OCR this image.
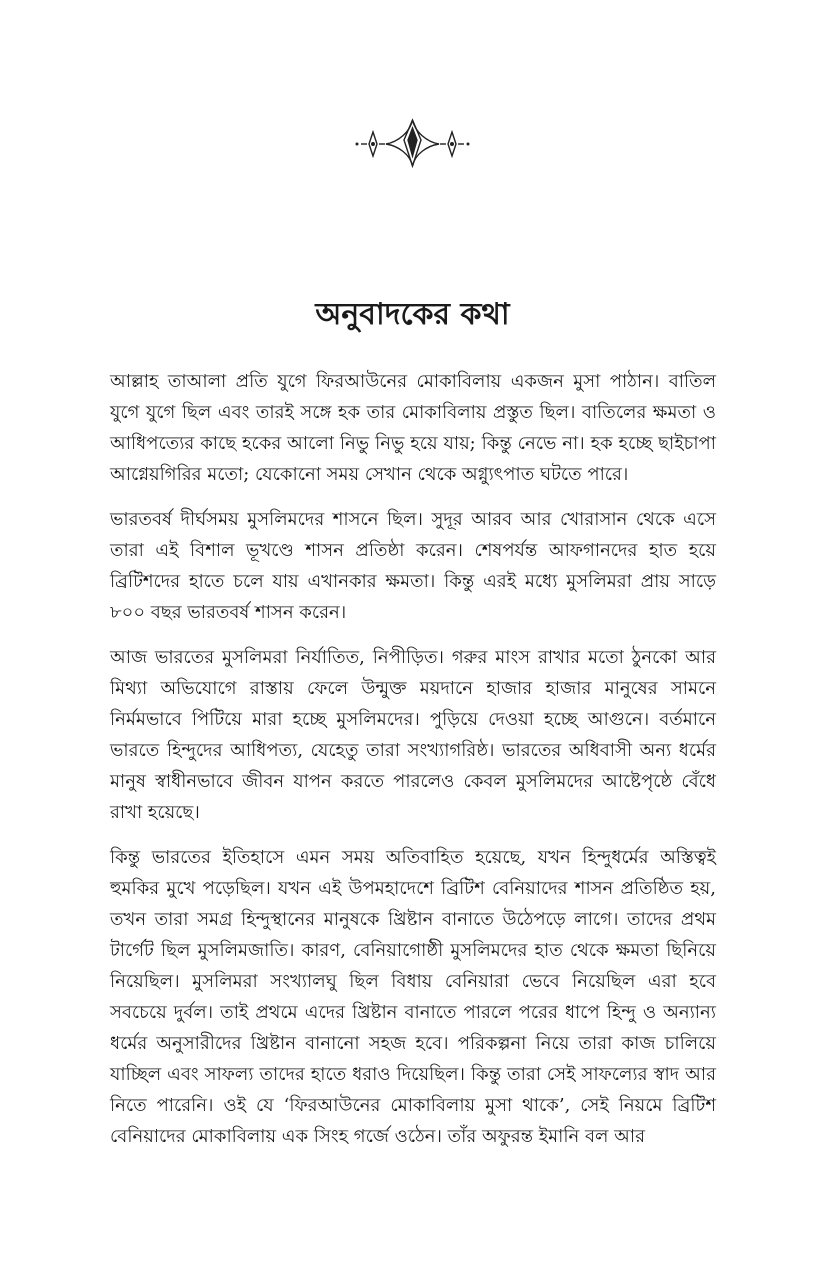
অনুবাদকের কথা

আল্লাহ তাআলা প্রতি যুগে ফিরআউনের মোকাবিলায় একজন মুসা পাঠান। বাতিল যুগে যুগে ছিল এবং তারই সঙ্গে হক তার মোকাবিলায় প্রস্তুত ছিল। বাতিলের ক্ষমতা ও আধিপত্যের কাছে হকের আলো নিভু নিভু হয়ে যায়; কিন্তু নেভে না। হক হচ্ছে ছাইচাপা আগ্নেয়গিরির মতো; যেকোনো সময় সেখান থেকে অগ্ন্যুৎপাত ঘটতে পারে।

ভারতবর্ষ দীর্ঘসময় মুসলিমদের শাসনে ছিল। সুদূর আরব আর খোরাসান থেকে এসে তারা এই বিশাল ভূখণ্ডে শাসন প্রতিষ্ঠা করেন। শেষপর্যন্ত আফগানদের হাত হয়ে ব্রিটিশদের হাতে চলে যায় এখানকার ক্ষমতা। কিন্তু এরই মধ্যে মুসলিমরা প্রায় সাড়ে ৮০০ বছর ভারতবর্ষ শাসন করেন।

আজ ভারতের মুসলিমরা নির্যাতিত, নিপীড়িত। গরুর মাংস রাখার মতো ঠুনকো আর মিথ্যা অভিযোগে রাস্তায় ফেলে উন্মুক্ত ময়দানে হাজার হাজার মানুষের সামনে নির্মমভাবে পিটিয়ে মারা হচ্ছে মুসলিমদের। পুড়িয়ে দেওয়া হচ্ছে আগুনে। বর্তমানে ভারতে হিন্দুদের আধিপত্য, যেহেতু তারা সংখ্যাগরিষ্ঠ। ভারতের অধিবাসী অন্য ধর্মের মানুষ স্বাধীনভাবে জীবন যাপন করতে পারলেও কেবল মুসলিমদের আষ্টেপৃষ্ঠে বেঁধে রাখা হয়েছে।

কিন্তু ভারতের ইতিহাসে এমন সময় অতিবাহিত হয়েছে, যখন হিন্দুধর্মের অস্তিত্বই হুমকির মুখে পড়েছিল। যখন এই উপমহাদেশে ব্রিটিশ বেনিয়াদের শাসন প্রতিষ্ঠিত হয়, তখন তারা সমগ্র হিন্দুস্থানের মানুষকে খ্রিষ্টান বানাতে উঠেপড়ে লাগে। তাদের প্রথম টার্গেট ছিল মুসলিমজাতি। কারণ, বেনিয়াগোষ্ঠী মুসলিমদের হাত থেকে ক্ষমতা ছিনিয়ে নিয়েছিল। মুসলিমরা সংখ্যালঘু ছিল বিধায় বেনিয়ারা ভেবে নিয়েছিল এরা হবে সবচেয়ে দুর্বল। তাই প্রথমে এদের খ্রিষ্টান বানাতে পারলে পরের ধাপে হিন্দু ও অন্যান্য ধর্মের অনুসারীদের খ্রিষ্টান বানানো সহজ হবে। পরিকল্পনা নিয়ে তারা কাজ চালিয়ে যাচ্ছিল এবং সাফল্য তাদের হাতে ধরাও দিয়েছিল। কিন্তু তারা সেই সাফল্যের স্বাদ আর নিতে পারেনি। ওই যে ‘ফিরআউনের মোকাবিলায় মুসা থাকে’, সেই নিয়মে ব্রিটিশ বেনিয়াদের মোকাবিলায় এক সিংহ গর্জে ওঠেন। তাঁর অফুরন্ত ইমানি বল আর
